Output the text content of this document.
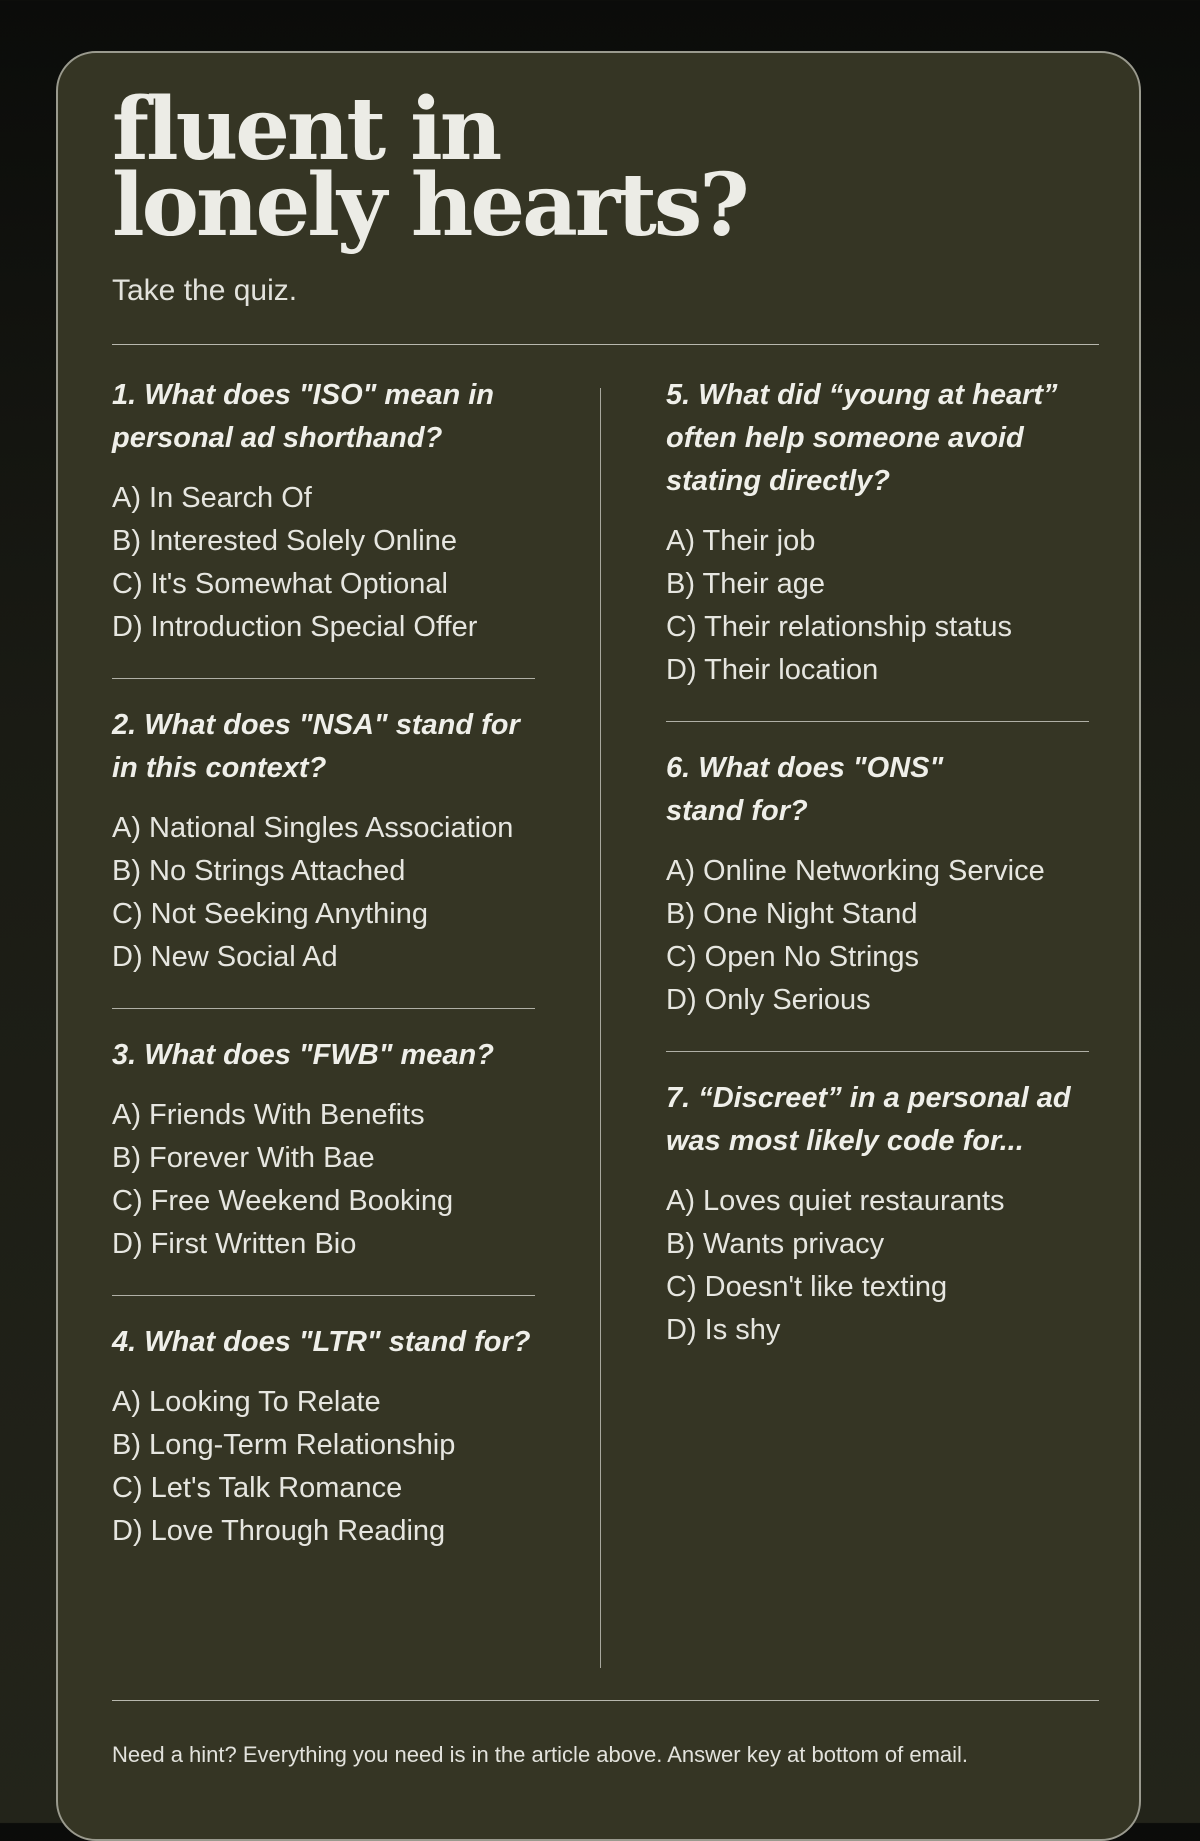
fluent in
lonely hearts?
Take the quiz.

1. What does "ISO" mean in personal ad shorthand?

A) In Search Of
B) Interested Solely Online
C) It's Somewhat Optional
D) Introduction Special Offer

2. What does "NSA" stand for in this context?

A) National Singles Association
B) No Strings Attached
C) Not Seeking Anything
D) New Social Ad

3. What does "FWB" mean?

A) Friends With Benefits
B) Forever With Bae
C) Free Weekend Booking
D) First Written Bio

4. What does "LTR" stand for?

A) Looking To Relate
B) Long-Term Relationship
C) Let's Talk Romance
D) Love Through Reading

5. What did “young at heart” often help someone avoid stating directly?

A) Their job
B) Their age
C) Their relationship status
D) Their location

6. What does "ONS" stand for?

A) Online Networking Service
B) One Night Stand
C) Open No Strings
D) Only Serious

7. “Discreet” in a personal ad was most likely code for...

A) Loves quiet restaurants
B) Wants privacy
C) Doesn't like texting
D) Is shy
Need a hint? Everything you need is in the article above. Answer key at bottom of email.
